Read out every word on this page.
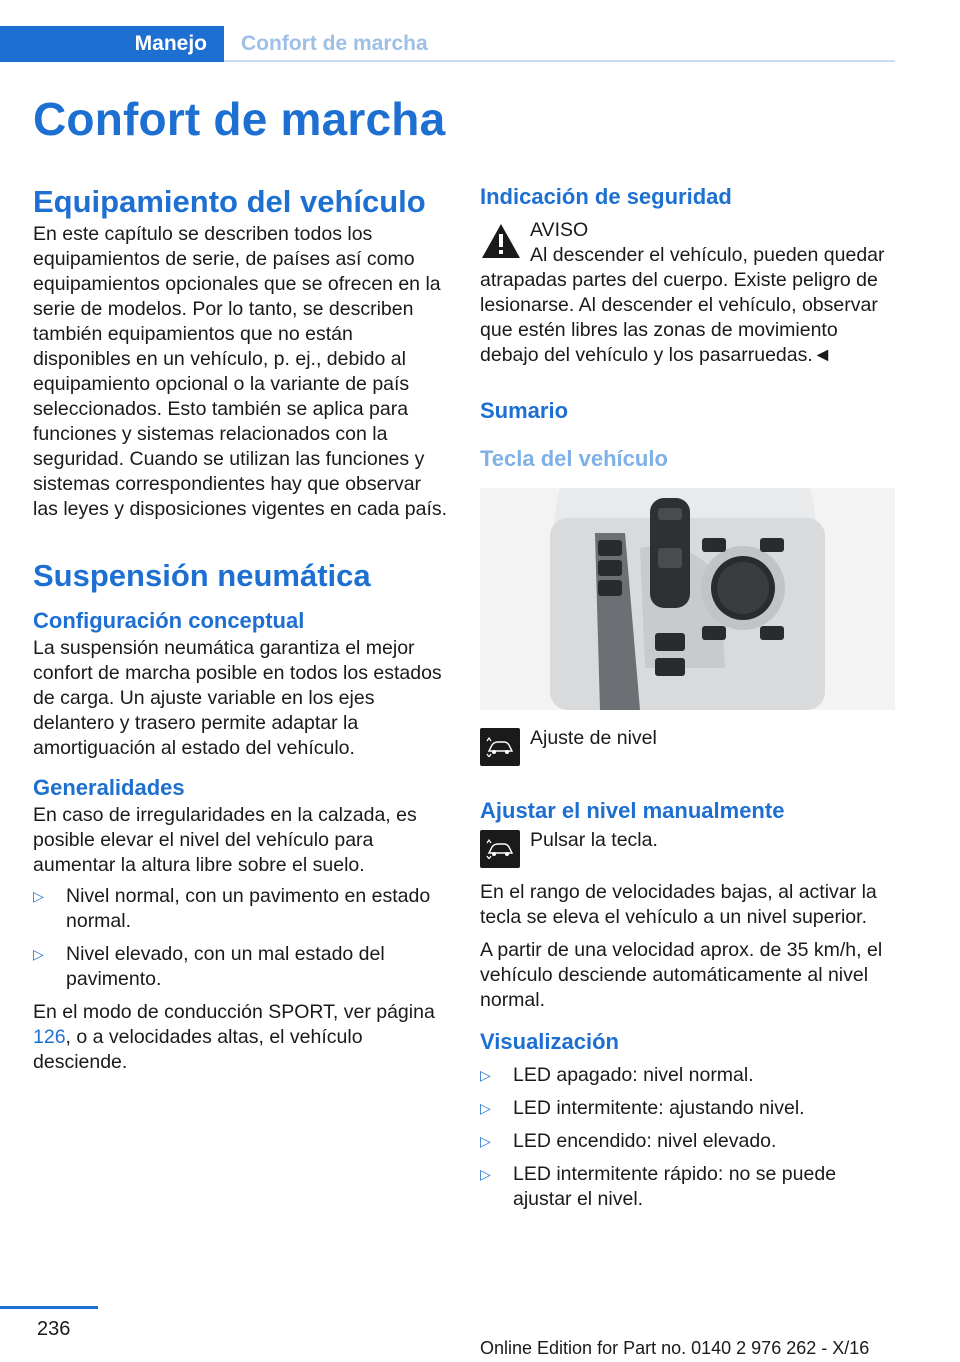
Manejo	Confort de marcha
Confort de marcha
Equipamiento del vehículo

En este capítulo se describen todos los equipamientos de serie, de países así como equipamientos opcionales que se ofrecen en la serie de modelos. Por lo tanto, se describen también equipamientos que no están disponibles en un vehículo, p. ej., debido al equipamiento opcional o la variante de país seleccionados. Esto también se aplica para funciones y sistemas relacionados con la seguridad. Cuando se utilizan las funciones y sistemas correspondientes hay que observar las leyes y disposiciones vigentes en cada país.

Suspensión neumática
Configuración conceptual

La suspensión neumática garantiza el mejor confort de marcha posible en todos los estados de carga. Un ajuste variable en los ejes delantero y trasero permite adaptar la amortiguación al estado del vehículo.

Generalidades

En caso de irregularidades en la calzada, es posible elevar el nivel del vehículo para aumentar la altura libre sobre el suelo.

▷ Nivel normal, con un pavimento en estado normal.
▷ Nivel elevado, con un mal estado del pavimento.

En el modo de conducción SPORT, ver página 126, o a velocidades altas, el vehículo desciende.

Indicación de seguridad

AVISO

Al descender el vehículo, pueden quedar atrapadas partes del cuerpo. Existe peligro de lesionarse. Al descender el vehículo, observar que estén libres las zonas de movimiento debajo del vehículo y los pasarruedas.◄

Sumario
Tecla del vehículo

Ajuste de nivel

Ajustar el nivel manualmente

Pulsar la tecla.

En el rango de velocidades bajas, al activar la tecla se eleva el vehículo a un nivel superior.

A partir de una velocidad aprox. de 35 km/h, el vehículo desciende automáticamente al nivel normal.

Visualización
▷ LED apagado: nivel normal.
▷ LED intermitente: ajustando nivel.
▷ LED encendido: nivel elevado.
▷ LED intermitente rápido: no se puede ajustar el nivel.
236
Online Edition for Part no. 0140 2 976 262 - X/16
